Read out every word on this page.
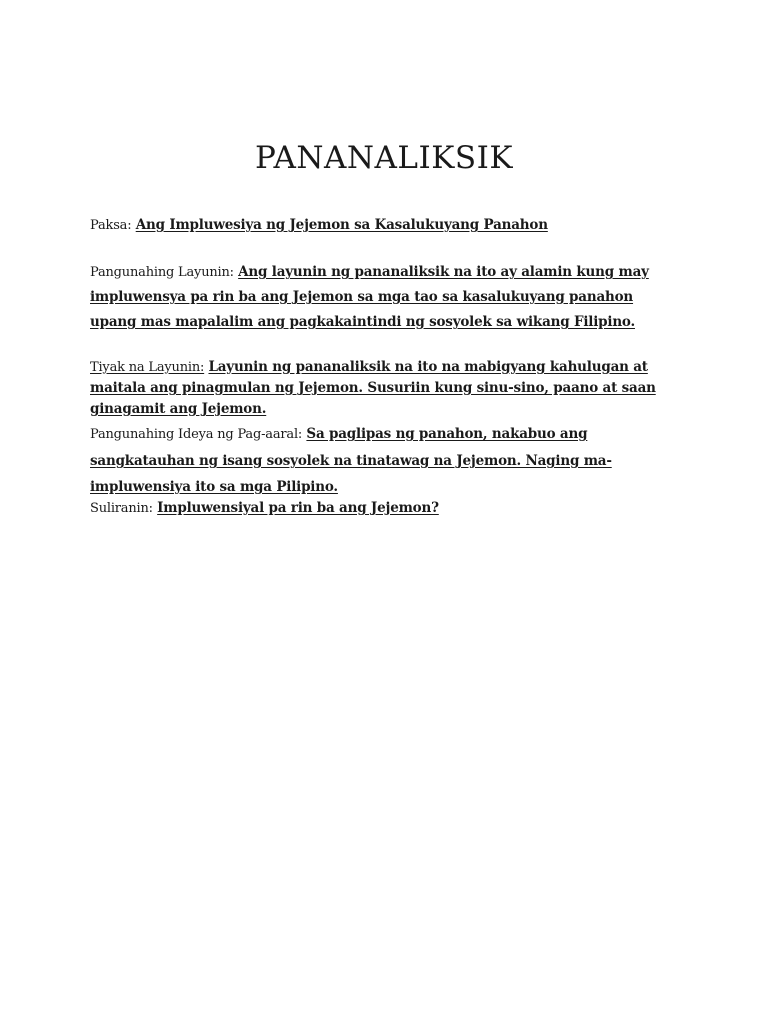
PANANALIKSIK

Paksa: Ang Impluwesiya ng Jejemon sa Kasalukuyang Panahon

Pangunahing Layunin: Ang layunin ng pananaliksik na ito ay alamin kung may impluwensya pa rin ba ang Jejemon sa mga tao sa kasalukuyang panahon upang mas mapalalim ang pagkakaintindi ng sosyolek sa wikang Filipino.

Tiyak na Layunin: Layunin ng pananaliksik na ito na mabigyang kahulugan at maitala ang pinagmulan ng Jejemon. Susuriin kung sinu-sino, paano at saan ginagamit ang Jejemon.

Pangunahing Ideya ng Pag-aaral: Sa paglipas ng panahon, nakabuo ang sangkatauhan ng isang sosyolek na tinatawag na Jejemon. Naging ma-impluwensiya ito sa mga Pilipino.

Suliranin: Impluwensiyal pa rin ba ang Jejemon?
